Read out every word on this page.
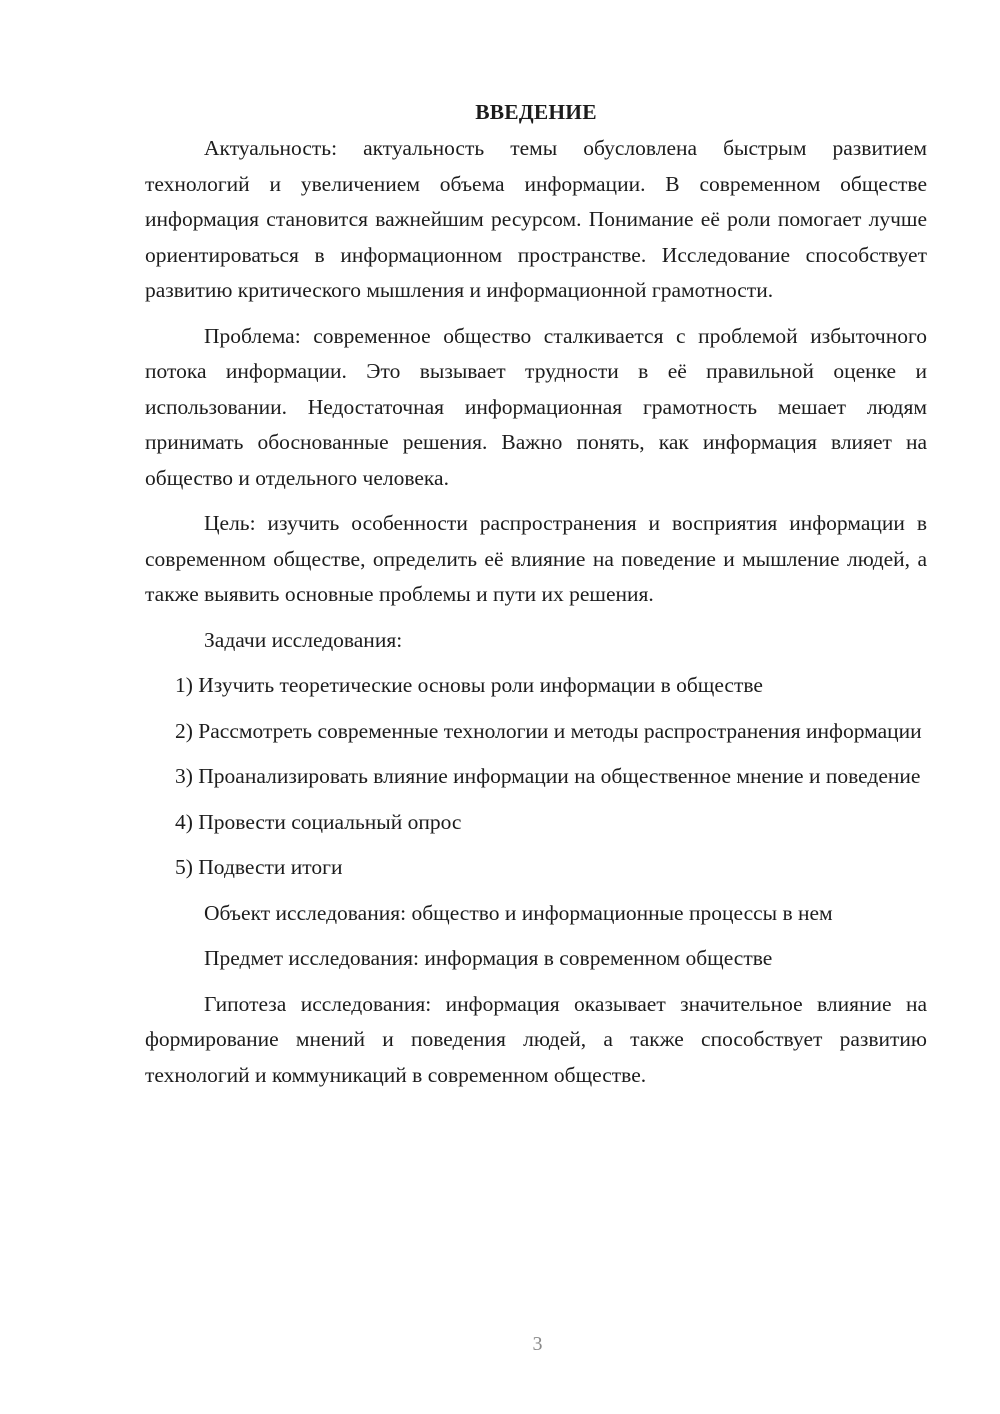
ВВЕДЕНИЕ

Актуальность: актуальность темы обусловлена быстрым развитием технологий и увеличением объема информации. В современном обществе информация становится важнейшим ресурсом. Понимание её роли помогает лучше ориентироваться в информационном пространстве. Исследование способствует развитию критического мышления и информационной грамотности.

Проблема: современное общество сталкивается с проблемой избыточного потока информации. Это вызывает трудности в её правильной оценке и использовании. Недостаточная информационная грамотность мешает людям принимать обоснованные решения. Важно понять, как информация влияет на общество и отдельного человека.

Цель: изучить особенности распространения и восприятия информации в современном обществе, определить её влияние на поведение и мышление людей, а также выявить основные проблемы и пути их решения.

Задачи исследования:

1) Изучить теоретические основы роли информации в обществе

2) Рассмотреть современные технологии и методы распространения информации

3) Проанализировать влияние информации на общественное мнение и поведение

4) Провести социальный опрос

5) Подвести итоги

Объект исследования: общество и информационные процессы в нем

Предмет исследования: информация в современном обществе

Гипотеза исследования: информация оказывает значительное влияние на формирование мнений и поведения людей, а также способствует развитию технологий и коммуникаций в современном обществе.

3
